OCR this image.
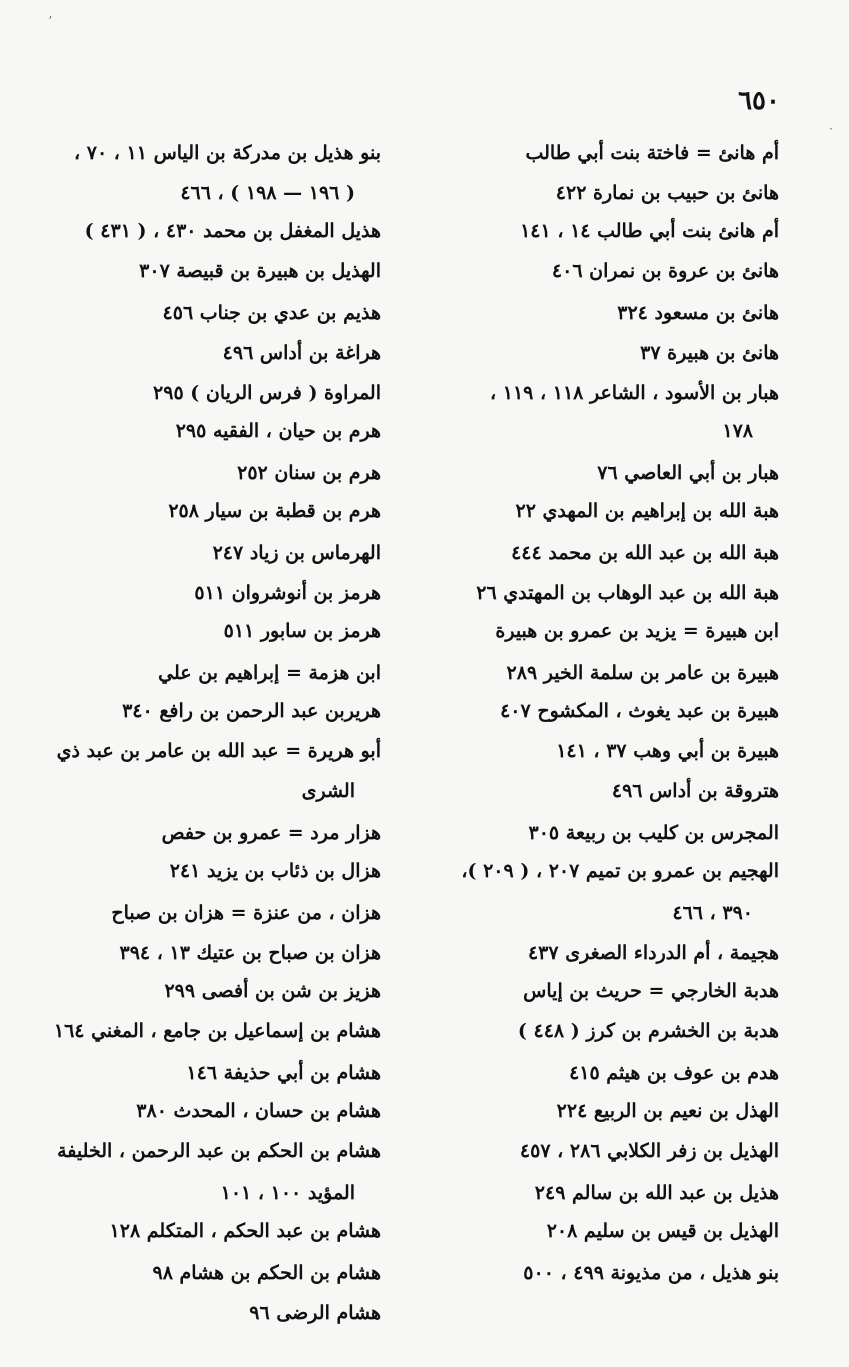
ʼ
·
٦٥٠
أم هانئ = فاختة بنت أبي طالب
هانئ بن حبيب بن نمارة ٤٢٢
أم هانئ بنت أبي طالب ١٤ ، ١٤١
هانئ بن عروة بن نمران ٤٠٦
هانئ بن مسعود ٣٢٤
هانئ بن هبيرة ٣٧
هبار بن الأسود ، الشاعر ١١٨ ، ١١٩ ،
١٧٨
هبار بن أبي العاصي ٧٦
هبة الله بن إبراهيم بن المهدي ٢٢
هبة الله بن عبد الله بن محمد ٤٤٤
هبة الله بن عبد الوهاب بن المهتدي ٢٦
ابن هبيرة = يزيد بن عمرو بن هبيرة
هبيرة بن عامر بن سلمة الخير ٢٨٩
هبيرة بن عبد يغوث ، المكشوح ٤٠٧
هبيرة بن أبي وهب ٣٧ ، ١٤١
هتروقة بن أداس ٤٩٦
المجرس بن كليب بن ربيعة ٣٠٥
الهجيم بن عمرو بن تميم ٢٠٧ ، ( ٢٠٩ )،
٣٩٠ ، ٤٦٦
هجيمة ، أم الدرداء الصغرى ٤٣٧
هدبة الخارجي = حريث بن إياس
هدبة بن الخشرم بن كرز ( ٤٤٨ )
هدم بن عوف بن هيثم ٤١٥
الهذل بن نعيم بن الربيع ٢٢٤
الهذيل بن زفر الكلابي ٢٨٦ ، ٤٥٧
هذيل بن عبد الله بن سالم ٢٤٩
الهذيل بن قيس بن سليم ٢٠٨
بنو هذيل ، من مذيونة ٤٩٩ ، ٥٠٠
بنو هذيل بن مدركة بن الياس ١١ ، ٧٠ ،
( ١٩٦ — ١٩٨ ) ، ٤٦٦
هذيل المغفل بن محمد ٤٣٠ ، ( ٤٣١ )
الهذيل بن هبيرة بن قبيصة ٣٠٧
هذيم بن عدي بن جناب ٤٥٦
هراغة بن أداس ٤٩٦
المراوة ( فرس الريان ) ٢٩٥
هرم بن حيان ، الفقيه ٢٩٥
هرم بن سنان ٢٥٢
هرم بن قطبة بن سيار ٢٥٨
الهرماس بن زياد ٢٤٧
هرمز بن أنوشروان ٥١١
هرمز بن سابور ٥١١
ابن هزمة = إبراهيم بن علي
هريربن عبد الرحمن بن رافع ٣٤٠
أبو هريرة = عبد الله بن عامر بن عبد ذي
الشرى
هزار مرد = عمرو بن حفص
هزال بن ذئاب بن يزيد ٢٤١
هزان ، من عنزة = هزان بن صباح
هزان بن صباح بن عتيك ١٣ ، ٣٩٤
هزيز بن شن بن أفصى ٢٩٩
هشام بن إسماعيل بن جامع ، المغني ١٦٤
هشام بن أبي حذيفة ١٤٦
هشام بن حسان ، المحدث ٣٨٠
هشام بن الحكم بن عبد الرحمن ، الخليفة
المؤيد ١٠٠ ، ١٠١
هشام بن عبد الحكم ، المتكلم ١٢٨
هشام بن الحكم بن هشام ٩٨
هشام الرضى ٩٦
